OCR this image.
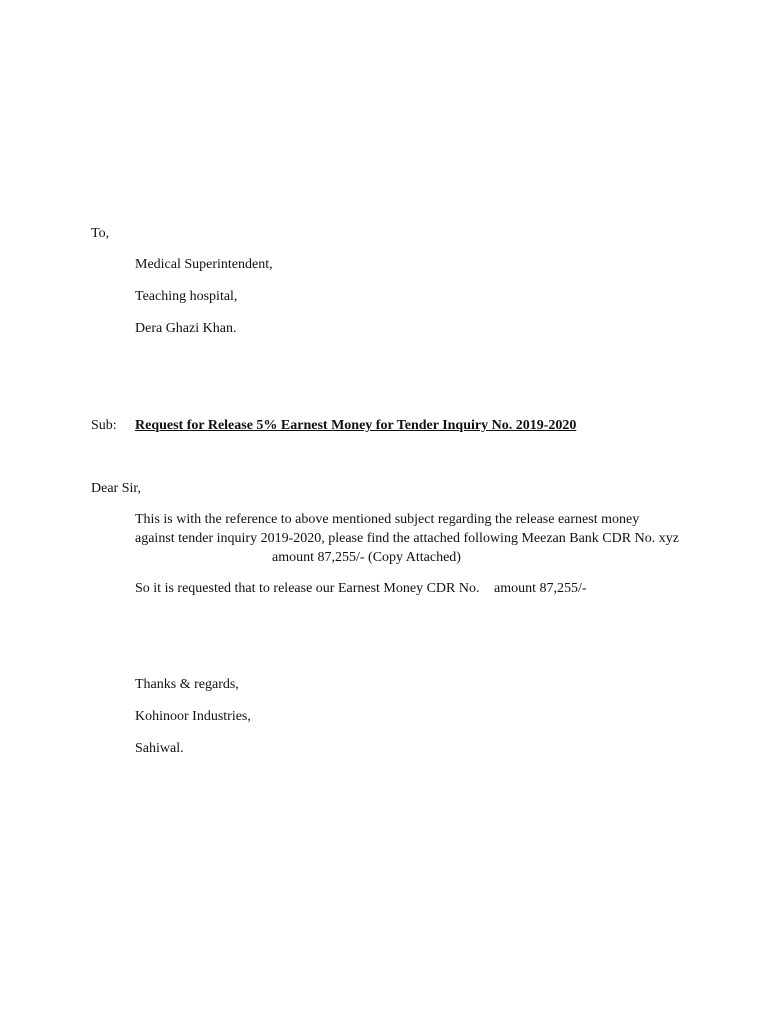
To,
Medical Superintendent,
Teaching hospital,
Dera Ghazi Khan.
Sub: Request for Release 5% Earnest Money for Tender Inquiry No. 2019-2020
Dear Sir,
This is with the reference to above mentioned subject regarding the release earnest money
against tender inquiry 2019-2020, please find the attached following Meezan Bank CDR No. xyz
amount 87,255/- (Copy Attached)
So it is requested that to release our Earnest Money CDR No. amount 87,255/-
Thanks & regards,
Kohinoor Industries,
Sahiwal.
